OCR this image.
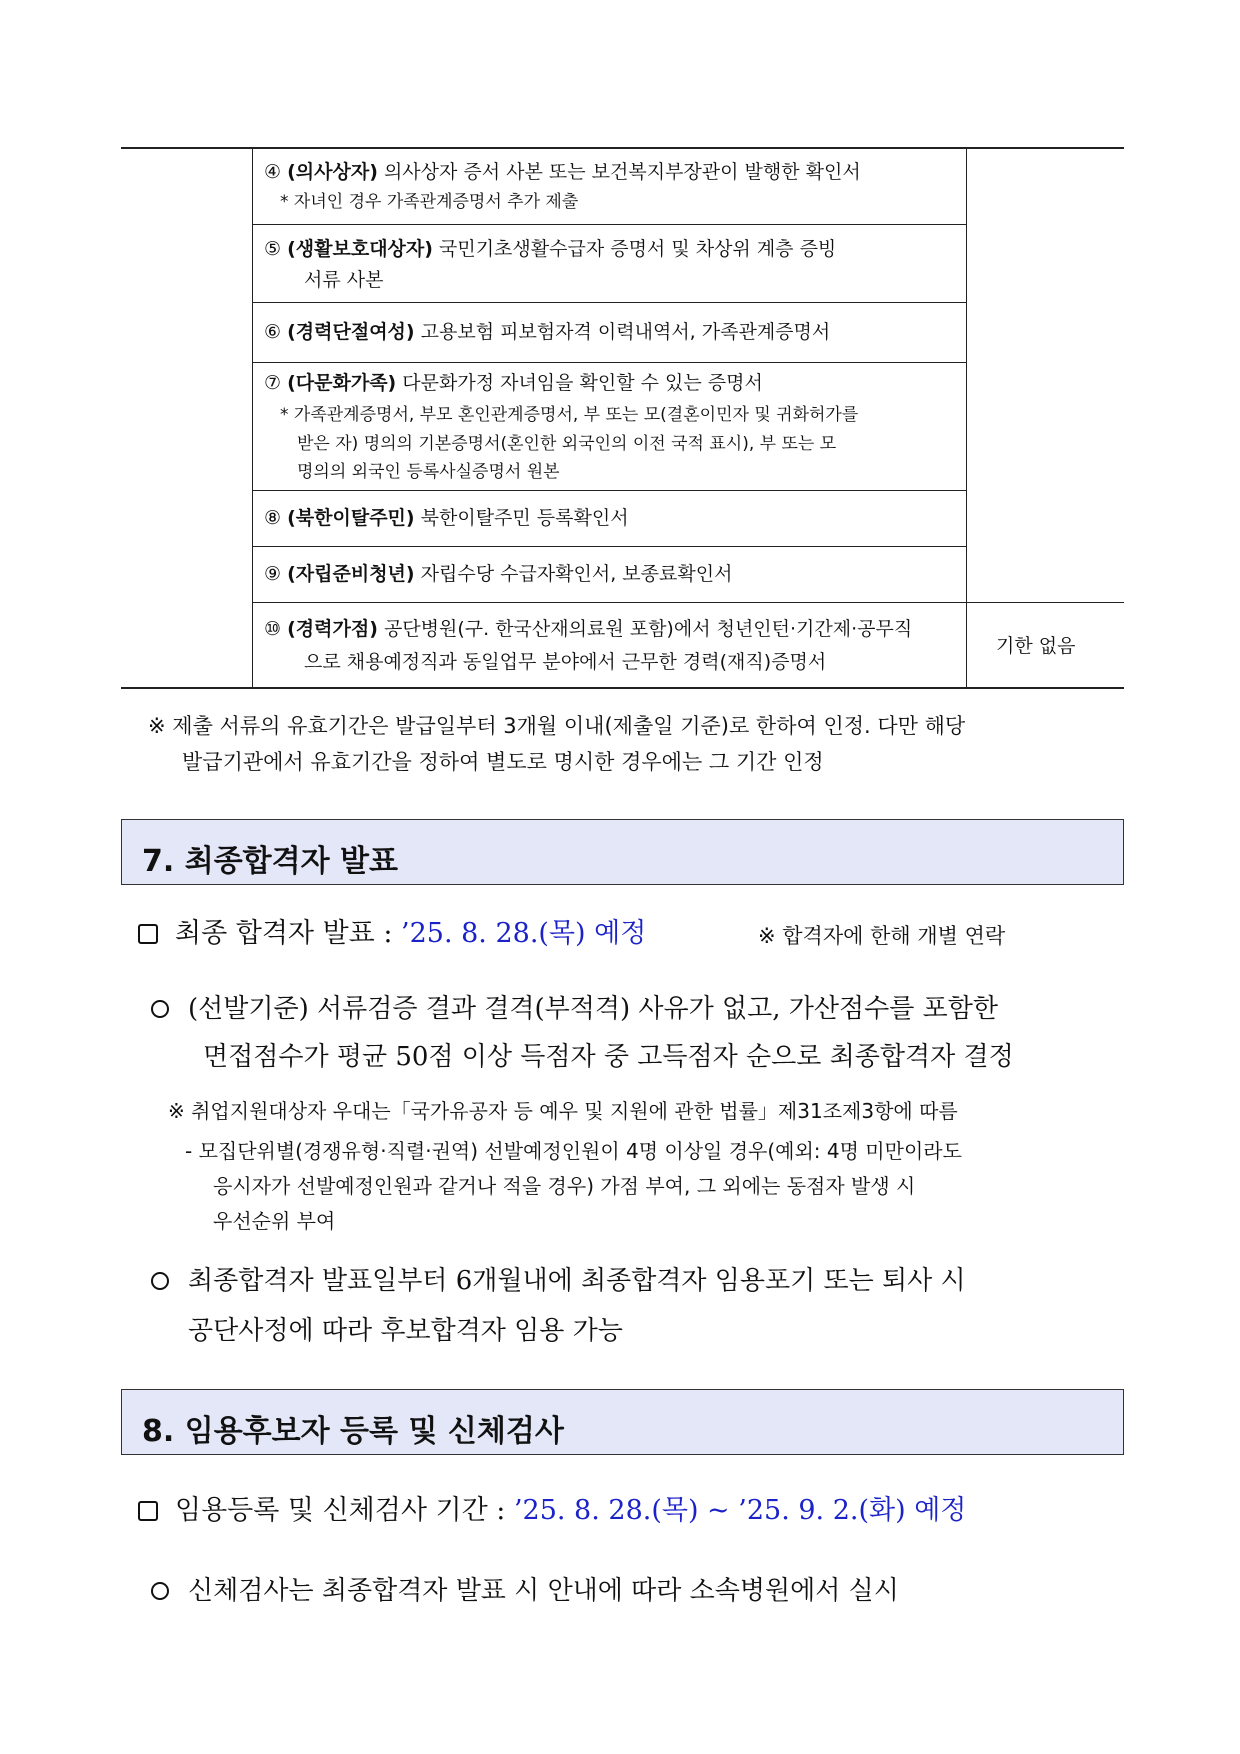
④ (의사상자) 의사상자 증서 사본 또는 보건복지부장관이 발행한 확인서
* 자녀인 경우 가족관계증명서 추가 제출
⑤ (생활보호대상자) 국민기초생활수급자 증명서 및 차상위 계층 증빙
서류 사본
⑥ (경력단절여성) 고용보험 피보험자격 이력내역서, 가족관계증명서
⑦ (다문화가족) 다문화가정 자녀임을 확인할 수 있는 증명서
* 가족관계증명서, 부모 혼인관계증명서, 부 또는 모(결혼이민자 및 귀화허가를
받은 자) 명의의 기본증명서(혼인한 외국인의 이전 국적 표시), 부 또는 모
명의의 외국인 등록사실증명서 원본
⑧ (북한이탈주민) 북한이탈주민 등록확인서
⑨ (자립준비청년) 자립수당 수급자확인서, 보종료확인서
⑩ (경력가점) 공단병원(구. 한국산재의료원 포함)에서 청년인턴·기간제·공무직
으로 채용예정직과 동일업무 분야에서 근무한 경력(재직)증명서
기한 없음
※ 제출 서류의 유효기간은 발급일부터 3개월 이내(제출일 기준)로 한하여 인정. 다만 해당
발급기관에서 유효기간을 정하여 별도로 명시한 경우에는 그 기간 인정
7. 최종합격자 발표
최종 합격자 발표 : ’25. 8. 28.(목) 예정	※ 합격자에 한해 개별 연락
(선발기준) 서류검증 결과 결격(부적격) 사유가 없고, 가산점수를 포함한
면접점수가 평균 50점 이상 득점자 중 고득점자 순으로 최종합격자 결정
※ 취업지원대상자 우대는「국가유공자 등 예우 및 지원에 관한 법률」제31조제3항에 따름
- 모집단위별(경쟁유형·직렬·권역) 선발예정인원이 4명 이상일 경우(예외: 4명 미만이라도
응시자가 선발예정인원과 같거나 적을 경우) 가점 부여, 그 외에는 동점자 발생 시
우선순위 부여
최종합격자 발표일부터 6개월내에 최종합격자 임용포기 또는 퇴사 시
공단사정에 따라 후보합격자 임용 가능
8. 임용후보자 등록 및 신체검사
임용등록 및 신체검사 기간 : ’25. 8. 28.(목) ~ ’25. 9. 2.(화) 예정
신체검사는 최종합격자 발표 시 안내에 따라 소속병원에서 실시
